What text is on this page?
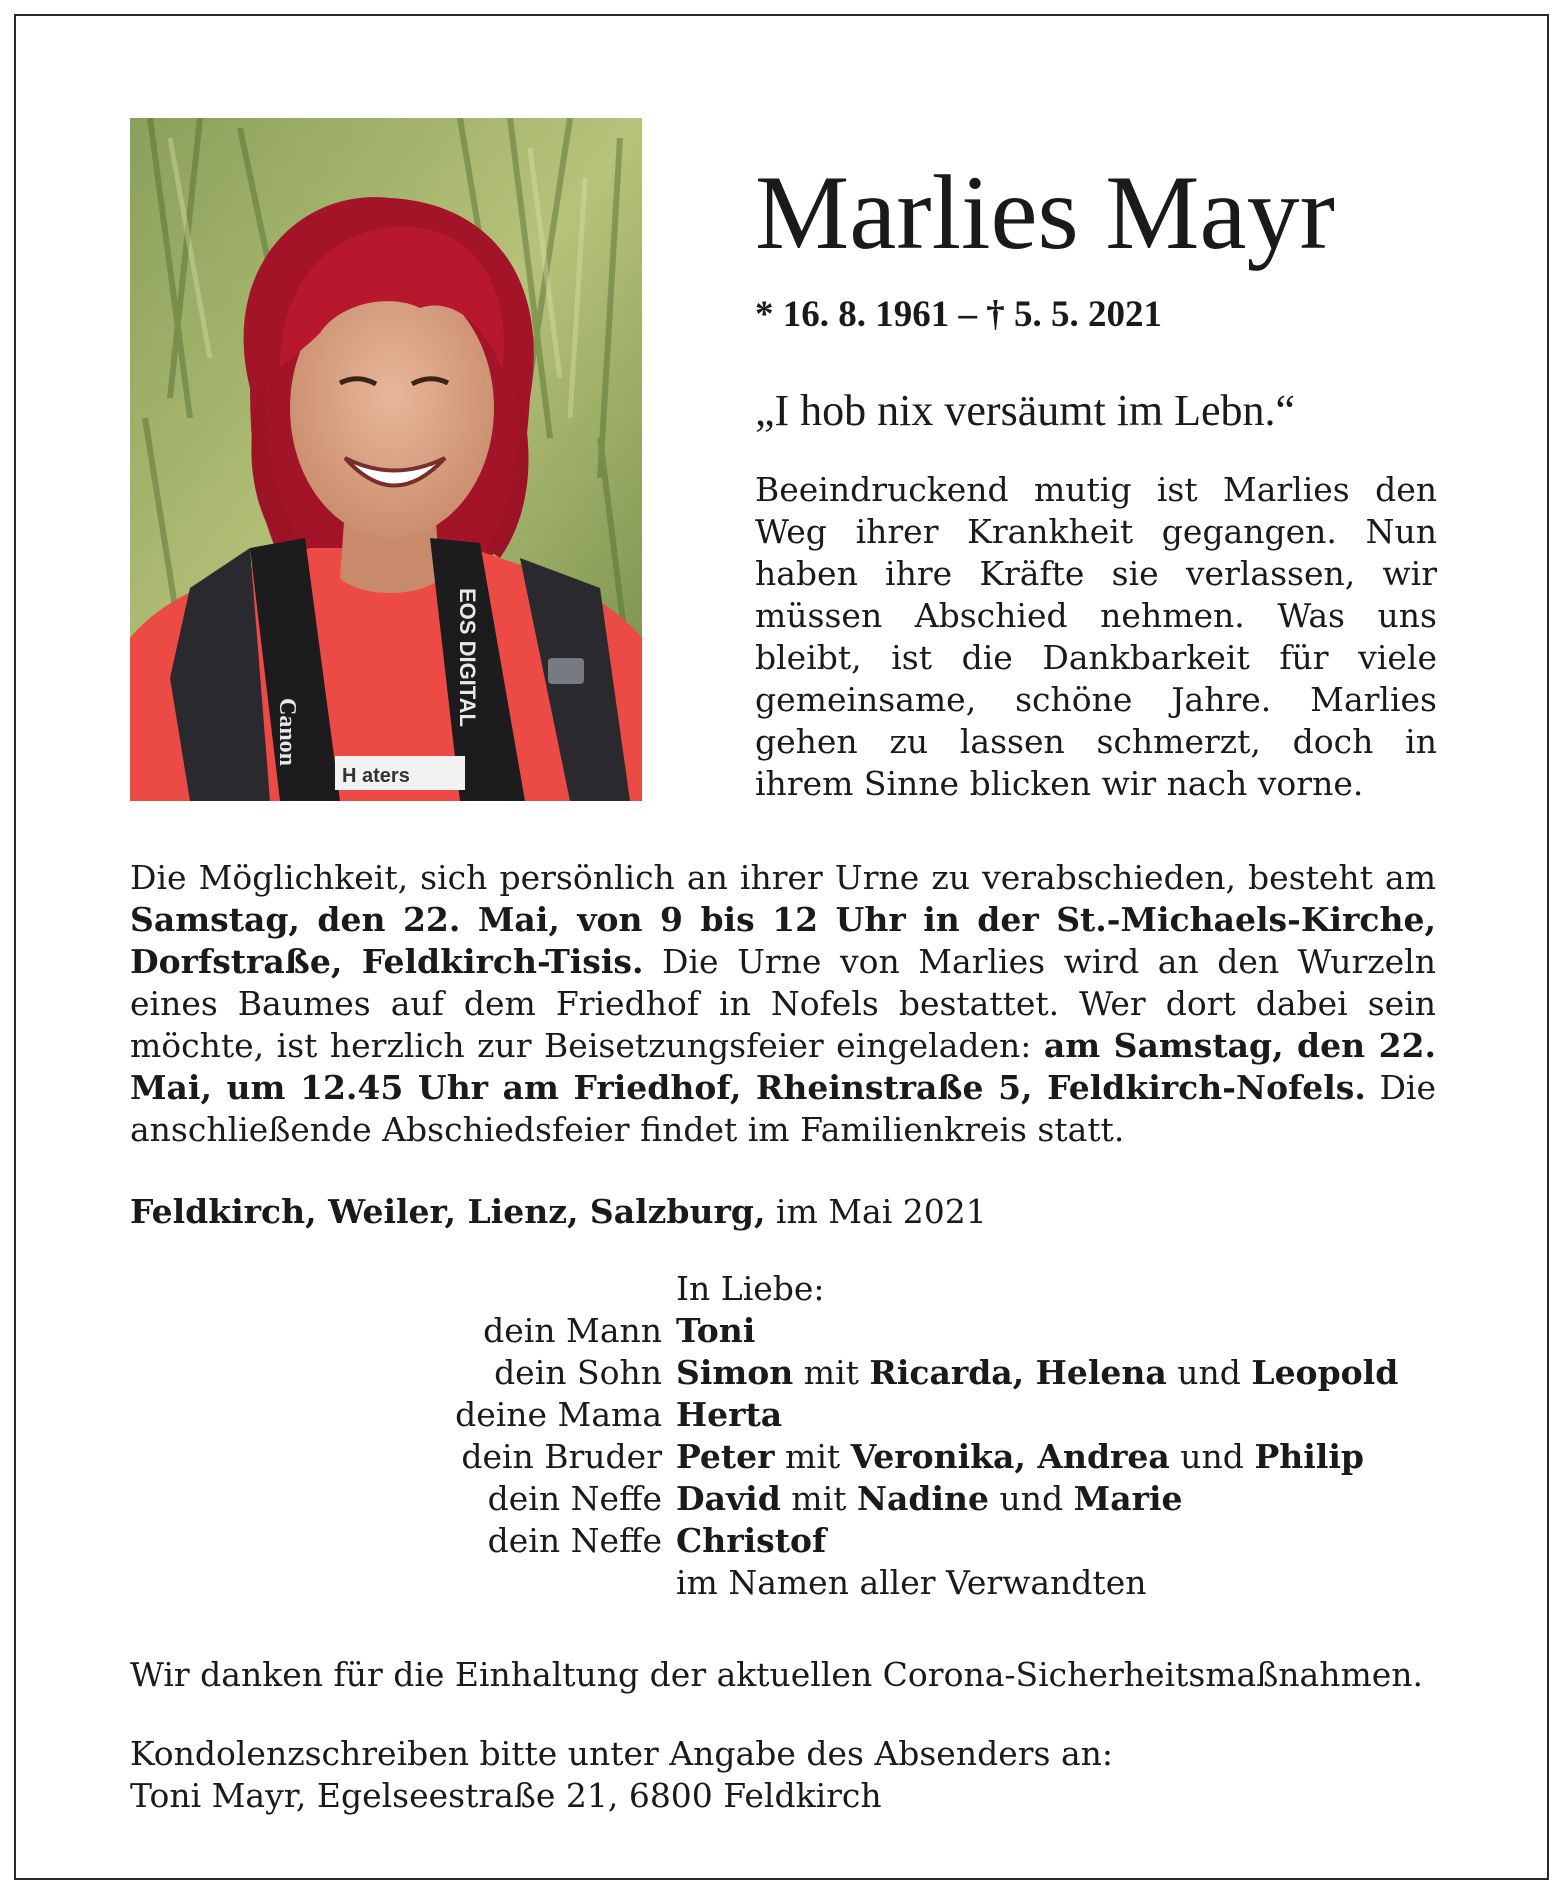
EOS DIGITAL
Canon
H aters
Marlies Mayr
* 16. 8. 1961 – † 5. 5. 2021
„I hob nix versäumt im Lebn.“
Beeindruckend mutig ist Marlies den Weg ihrer Krankheit gegangen. Nun haben ihre Kräfte sie verlassen, wir müssen Abschied nehmen. Was uns bleibt, ist die Dankbarkeit für viele gemeinsame, schöne Jahre. Marlies gehen zu lassen schmerzt, doch in ihrem Sinne blicken wir nach vorne.
Die Möglichkeit, sich persönlich an ihrer Urne zu verabschieden, besteht am Samstag, den 22. Mai, von 9 bis 12 Uhr in der St.-Michaels-Kirche, Dorfstraße, Feldkirch-Tisis. Die Urne von Marlies wird an den Wurzeln eines Baumes auf dem Friedhof in Nofels bestattet. Wer dort dabei sein möchte, ist herzlich zur Beisetzungsfeier eingeladen: am Samstag, den 22. Mai, um 12.45 Uhr am Friedhof, Rheinstraße 5, Feldkirch-Nofels. Die anschließende Abschiedsfeier findet im Familienkreis statt.
Feldkirch, Weiler, Lienz, Salzburg, im Mai 2021
In Liebe:
dein Mann Toni
dein Sohn Simon mit Ricarda, Helena und Leopold
deine Mama Herta
dein Bruder Peter mit Veronika, Andrea und Philip
dein Neffe David mit Nadine und Marie
dein Neffe Christof
im Namen aller Verwandten
Wir danken für die Einhaltung der aktuellen Corona-Sicherheitsmaßnahmen.
Kondolenzschreiben bitte unter Angabe des Absenders an:
Toni Mayr, Egelseestraße 21, 6800 Feldkirch
